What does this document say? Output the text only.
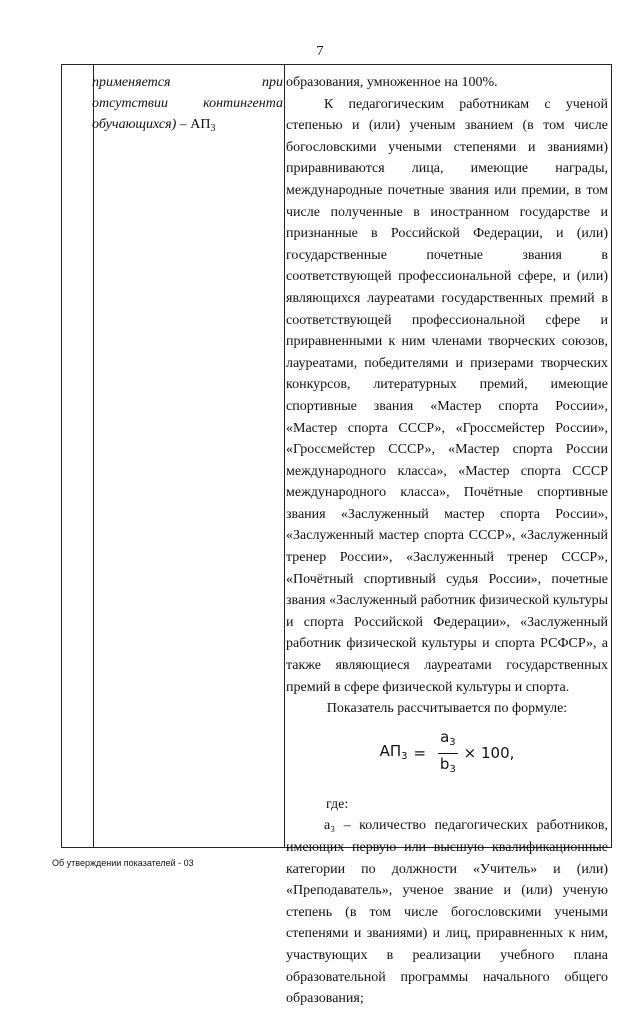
7
применяется	при
отсутствии	контингента
обучающихся) – $АП_3$

образования, умноженное на 100%.

К педагогическим работникам с ученой степенью и (или) ученым званием (в том числе богословскими учеными степенями и званиями) приравниваются лица, имеющие награды, международные почетные звания или премии, в том числе полученные в иностранном государстве и признанные в Российской Федерации, и (или) государственные почетные звания в соответствующей профессиональной сфере, и (или) являющихся лауреатами государственных премий в соответствующей профессиональной сфере и приравненными к ним членами творческих союзов, лауреатами, победителями и призерами творческих конкурсов, литературных премий, имеющие спортивные звания «Мастер спорта России», «Мастер спорта СССР», «Гроссмейстер России», «Гроссмейстер СССР», «Мастер спорта России международного класса», «Мастер спорта СССР международного класса», Почётные спортивные звания «Заслуженный мастер спорта России», «Заслуженный мастер спорта СССР», «Заслуженный тренер России», «Заслуженный тренер СССР», «Почётный спортивный судья России», почетные звания «Заслуженный работник физической культуры и спорта Российской Федерации», «Заслуженный работник физической культуры и спорта РСФСР», а также являющиеся лауреатами государственных премий в сфере физической культуры и спорта.

Показатель рассчитывается по формуле:

$АП_3 = \frac{a_3}{b_3} \times 100$,

где:

a₃ – количество педагогических работников, имеющих первую или высшую квалификационные категории по должности «Учитель» и (или) «Преподаватель», ученое звание и (или) ученую степень (в том числе богословскими учеными степенями и званиями) и лиц, приравненных к ним, участвующих в реализации учебного плана образовательной программы начального общего образования;

Об утверждении показателей - 03
